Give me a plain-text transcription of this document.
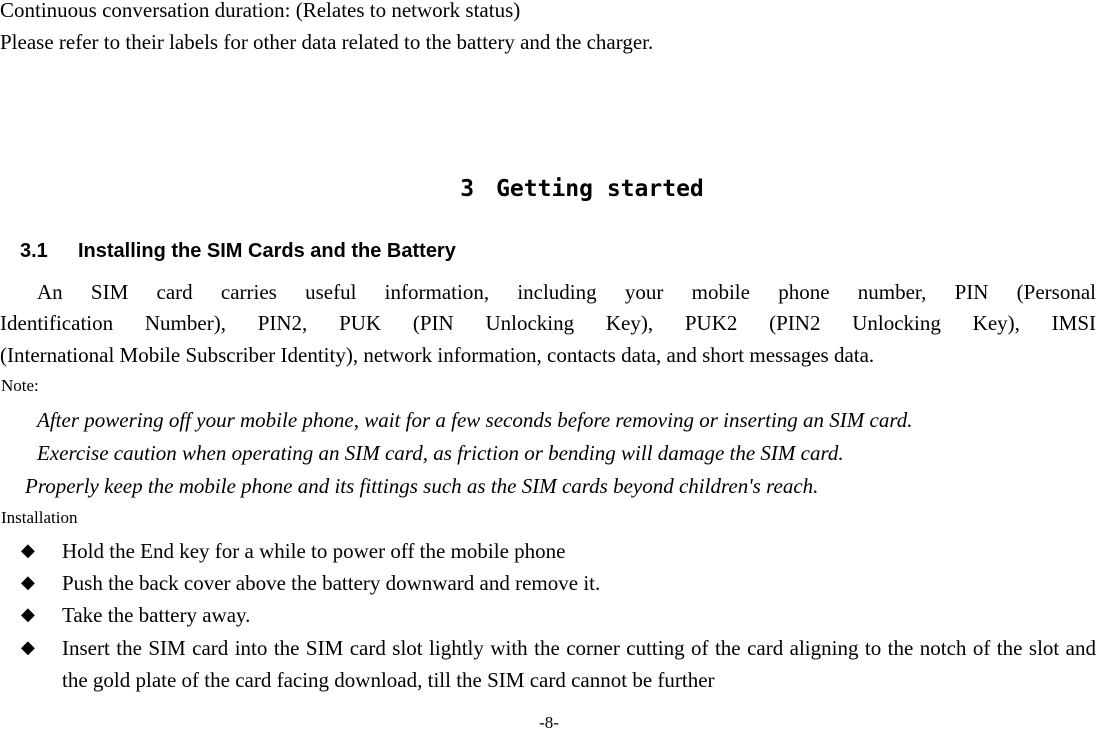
Continuous conversation duration: (Relates to network status)
Please refer to their labels for other data related to the battery and the charger.
3 Getting started
3.1 Installing the SIM Cards and the Battery
An SIM card carries useful information, including your mobile phone number, PIN (Personal
Identification Number), PIN2, PUK (PIN Unlocking Key), PUK2 (PIN2 Unlocking Key), IMSI
(International Mobile Subscriber Identity), network information, contacts data, and short messages data.
Note:
After powering off your mobile phone, wait for a few seconds before removing or inserting an SIM card.
Exercise caution when operating an SIM card, as friction or bending will damage the SIM card.
Properly keep the mobile phone and its fittings such as the SIM cards beyond children's reach.
Installation
◆ Hold the End key for a while to power off the mobile phone
◆ Push the back cover above the battery downward and remove it.
◆ Take the battery away.
◆ Insert the SIM card into the SIM card slot lightly with the corner cutting of the card aligning to the notch of the slot and the gold plate of the card facing download, till the SIM card cannot be further
-8-
